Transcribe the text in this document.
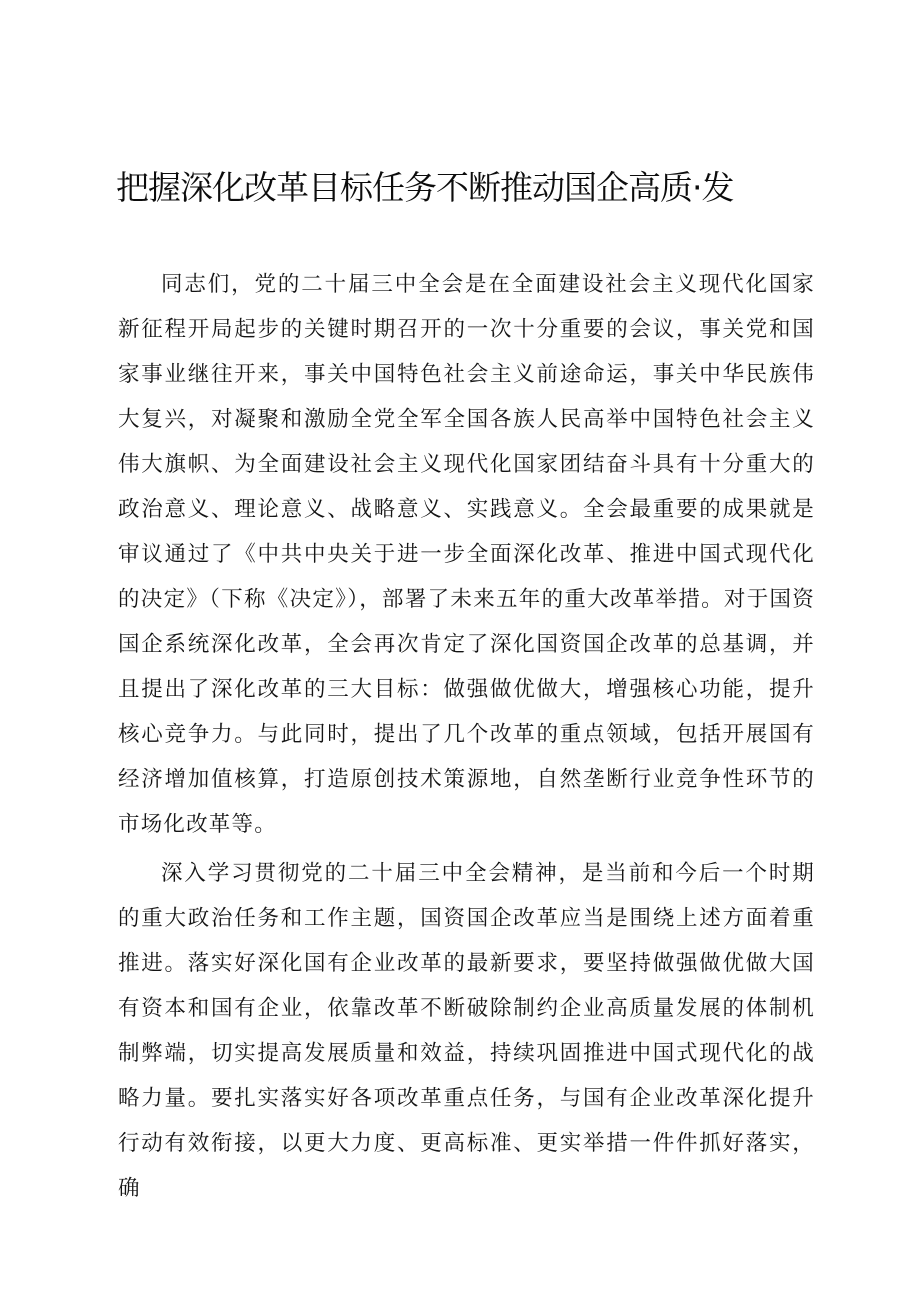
把握深化改革目标任务不断推动国企高质·发

同志们，党的二十届三中全会是在全面建设社会主义现代化国家新征程开局起步的关键时期召开的一次十分重要的会议，事关党和国家事业继往开来，事关中国特色社会主义前途命运，事关中华民族伟大复兴，对凝聚和激励全党全军全国各族人民高举中国特色社会主义伟大旗帜、为全面建设社会主义现代化国家团结奋斗具有十分重大的政治意义、理论意义、战略意义、实践意义。全会最重要的成果就是审议通过了《中共中央关于进一步全面深化改革、推进中国式现代化的决定》（下称《决定》），部署了未来五年的重大改革举措。对于国资国企系统深化改革，全会再次肯定了深化国资国企改革的总基调，并且提出了深化改革的三大目标：做强做优做大，增强核心功能，提升核心竞争力。与此同时，提出了几个改革的重点领域，包括开展国有经济增加值核算，打造原创技术策源地，自然垄断行业竞争性环节的市场化改革等。

深入学习贯彻党的二十届三中全会精神，是当前和今后一个时期的重大政治任务和工作主题，国资国企改革应当是围绕上述方面着重推进。落实好深化国有企业改革的最新要求，要坚持做强做优做大国有资本和国有企业，依靠改革不断破除制约企业高质量发展的体制机制弊端，切实提高发展质量和效益，持续巩固推进中国式现代化的战略力量。要扎实落实好各项改革重点任务，与国有企业改革深化提升行动有效衔接，以更大力度、更高标准、更实举措一件件抓好落实，确
